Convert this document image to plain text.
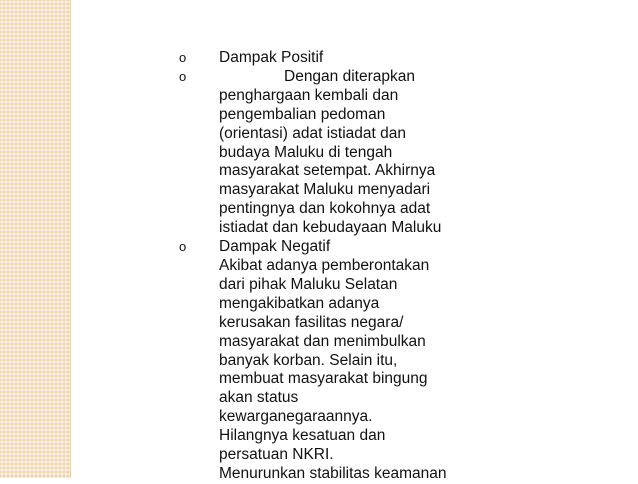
o	Dampak Positif
o	Dengan diterapkan
penghargaan kembali dan
pengembalian pedoman
(orientasi) adat istiadat dan
budaya Maluku di tengah
masyarakat setempat. Akhirnya
masyarakat Maluku menyadari
pentingnya dan kokohnya adat
istiadat dan kebudayaan Maluku
o	Dampak Negatif
Akibat adanya pemberontakan
dari pihak Maluku Selatan
mengakibatkan adanya
kerusakan fasilitas negara/
masyarakat dan menimbulkan
banyak korban. Selain itu,
membuat masyarakat bingung
akan status
kewarganegaraannya.
Hilangnya kesatuan dan
persatuan NKRI.
Menurunkan stabilitas keamanan
